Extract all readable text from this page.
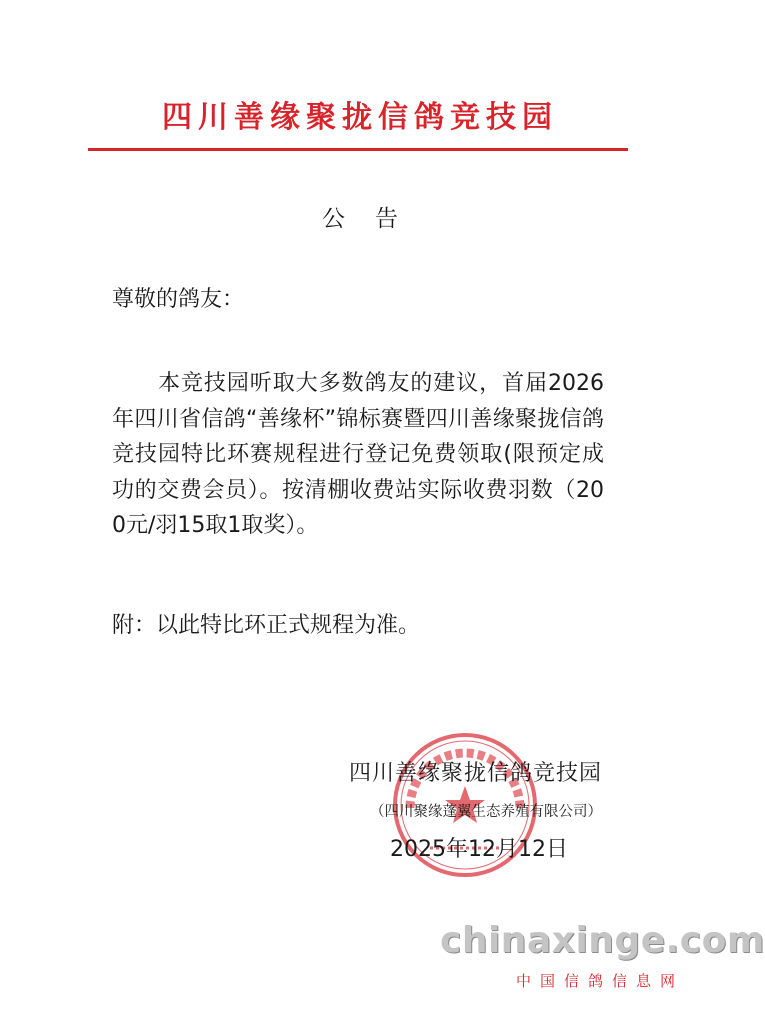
四川善缘聚拢信鸽竞技园
公告
尊敬的鸽友：
本竞技园听取大多数鸽友的建议，首届2026年四川省信鸽“善缘杯”锦标赛暨四川善缘聚拢信鸽竞技园特比环赛规程进行登记免费领取(限预定成功的交费会员）。按清棚收费站实际收费羽数（200元/羽15取1取奖）。
附：以此特比环正式规程为准。
四川善缘聚拢信鸽竞技园
（四川聚缘蓬翼生态养殖有限公司）
2025年12月12日
chinaxinge.com
中国信鸽信息网
